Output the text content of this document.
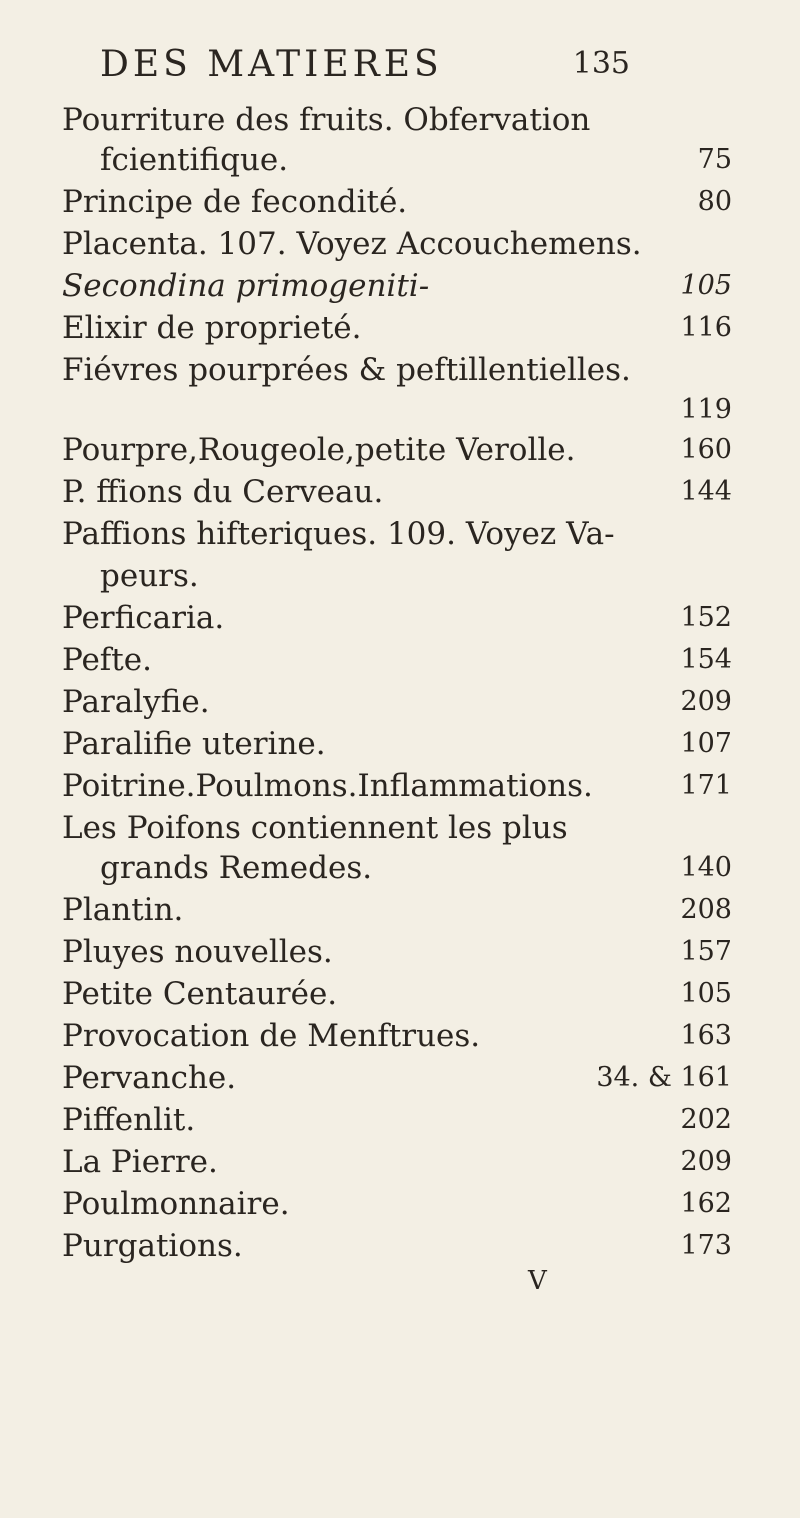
DES MATIERES	135
Pourriture des fruits. Obfervation
fcientifique.	75
Principe de fecondité.	80
Placenta. 107. Voyez Accouchemens.
Secondina primogeniti-	105
Elixir de proprieté.	116
Fiévres pourprées & peftillentielles.
119
Pourpre,Rougeole,petite Verolle.	160
P. ffions du Cerveau.	144
Paffions hifteriques. 109. Voyez Va-
peurs.
Perficaria.	152
Pefte.	154
Paralyfie.	209
Paralifie uterine.	107
Poitrine.Poulmons.Inflammations.	171
Les Poifons contiennent les plus
grands Remedes.	140
Plantin.	208
Pluyes nouvelles.	157
Petite Centaurée.	105
Provocation de Menftrues.	163
Pervanche.	34. & 161
Piffenlit.	202
La Pierre.	209
Poulmonnaire.	162
Purgations.	173
V
